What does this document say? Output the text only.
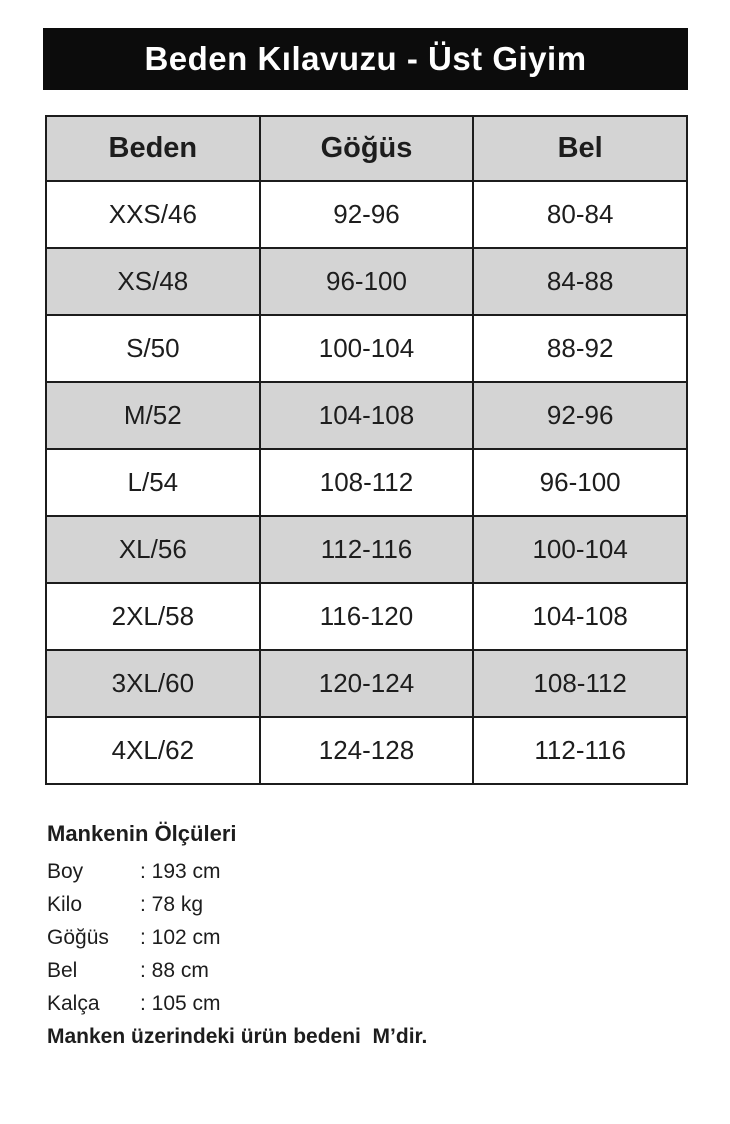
Beden Kılavuzu - Üst Giyim
Beden	Göğüs	Bel
XXS/46	92-96	80-84
XS/48	96-100	84-88
S/50	100-104	88-92
M/52	104-108	92-96
L/54	108-112	96-100
XL/56	112-116	100-104
2XL/58	116-120	104-108
3XL/60	120-124	108-112
4XL/62	124-128	112-116
Mankenin Ölçüleri
Boy	: 193 cm
Kilo	: 78 kg
Göğüs	: 102 cm
Bel	: 88 cm
Kalça	: 105 cm
Manken üzerindeki ürün bedeni  M’dir.
